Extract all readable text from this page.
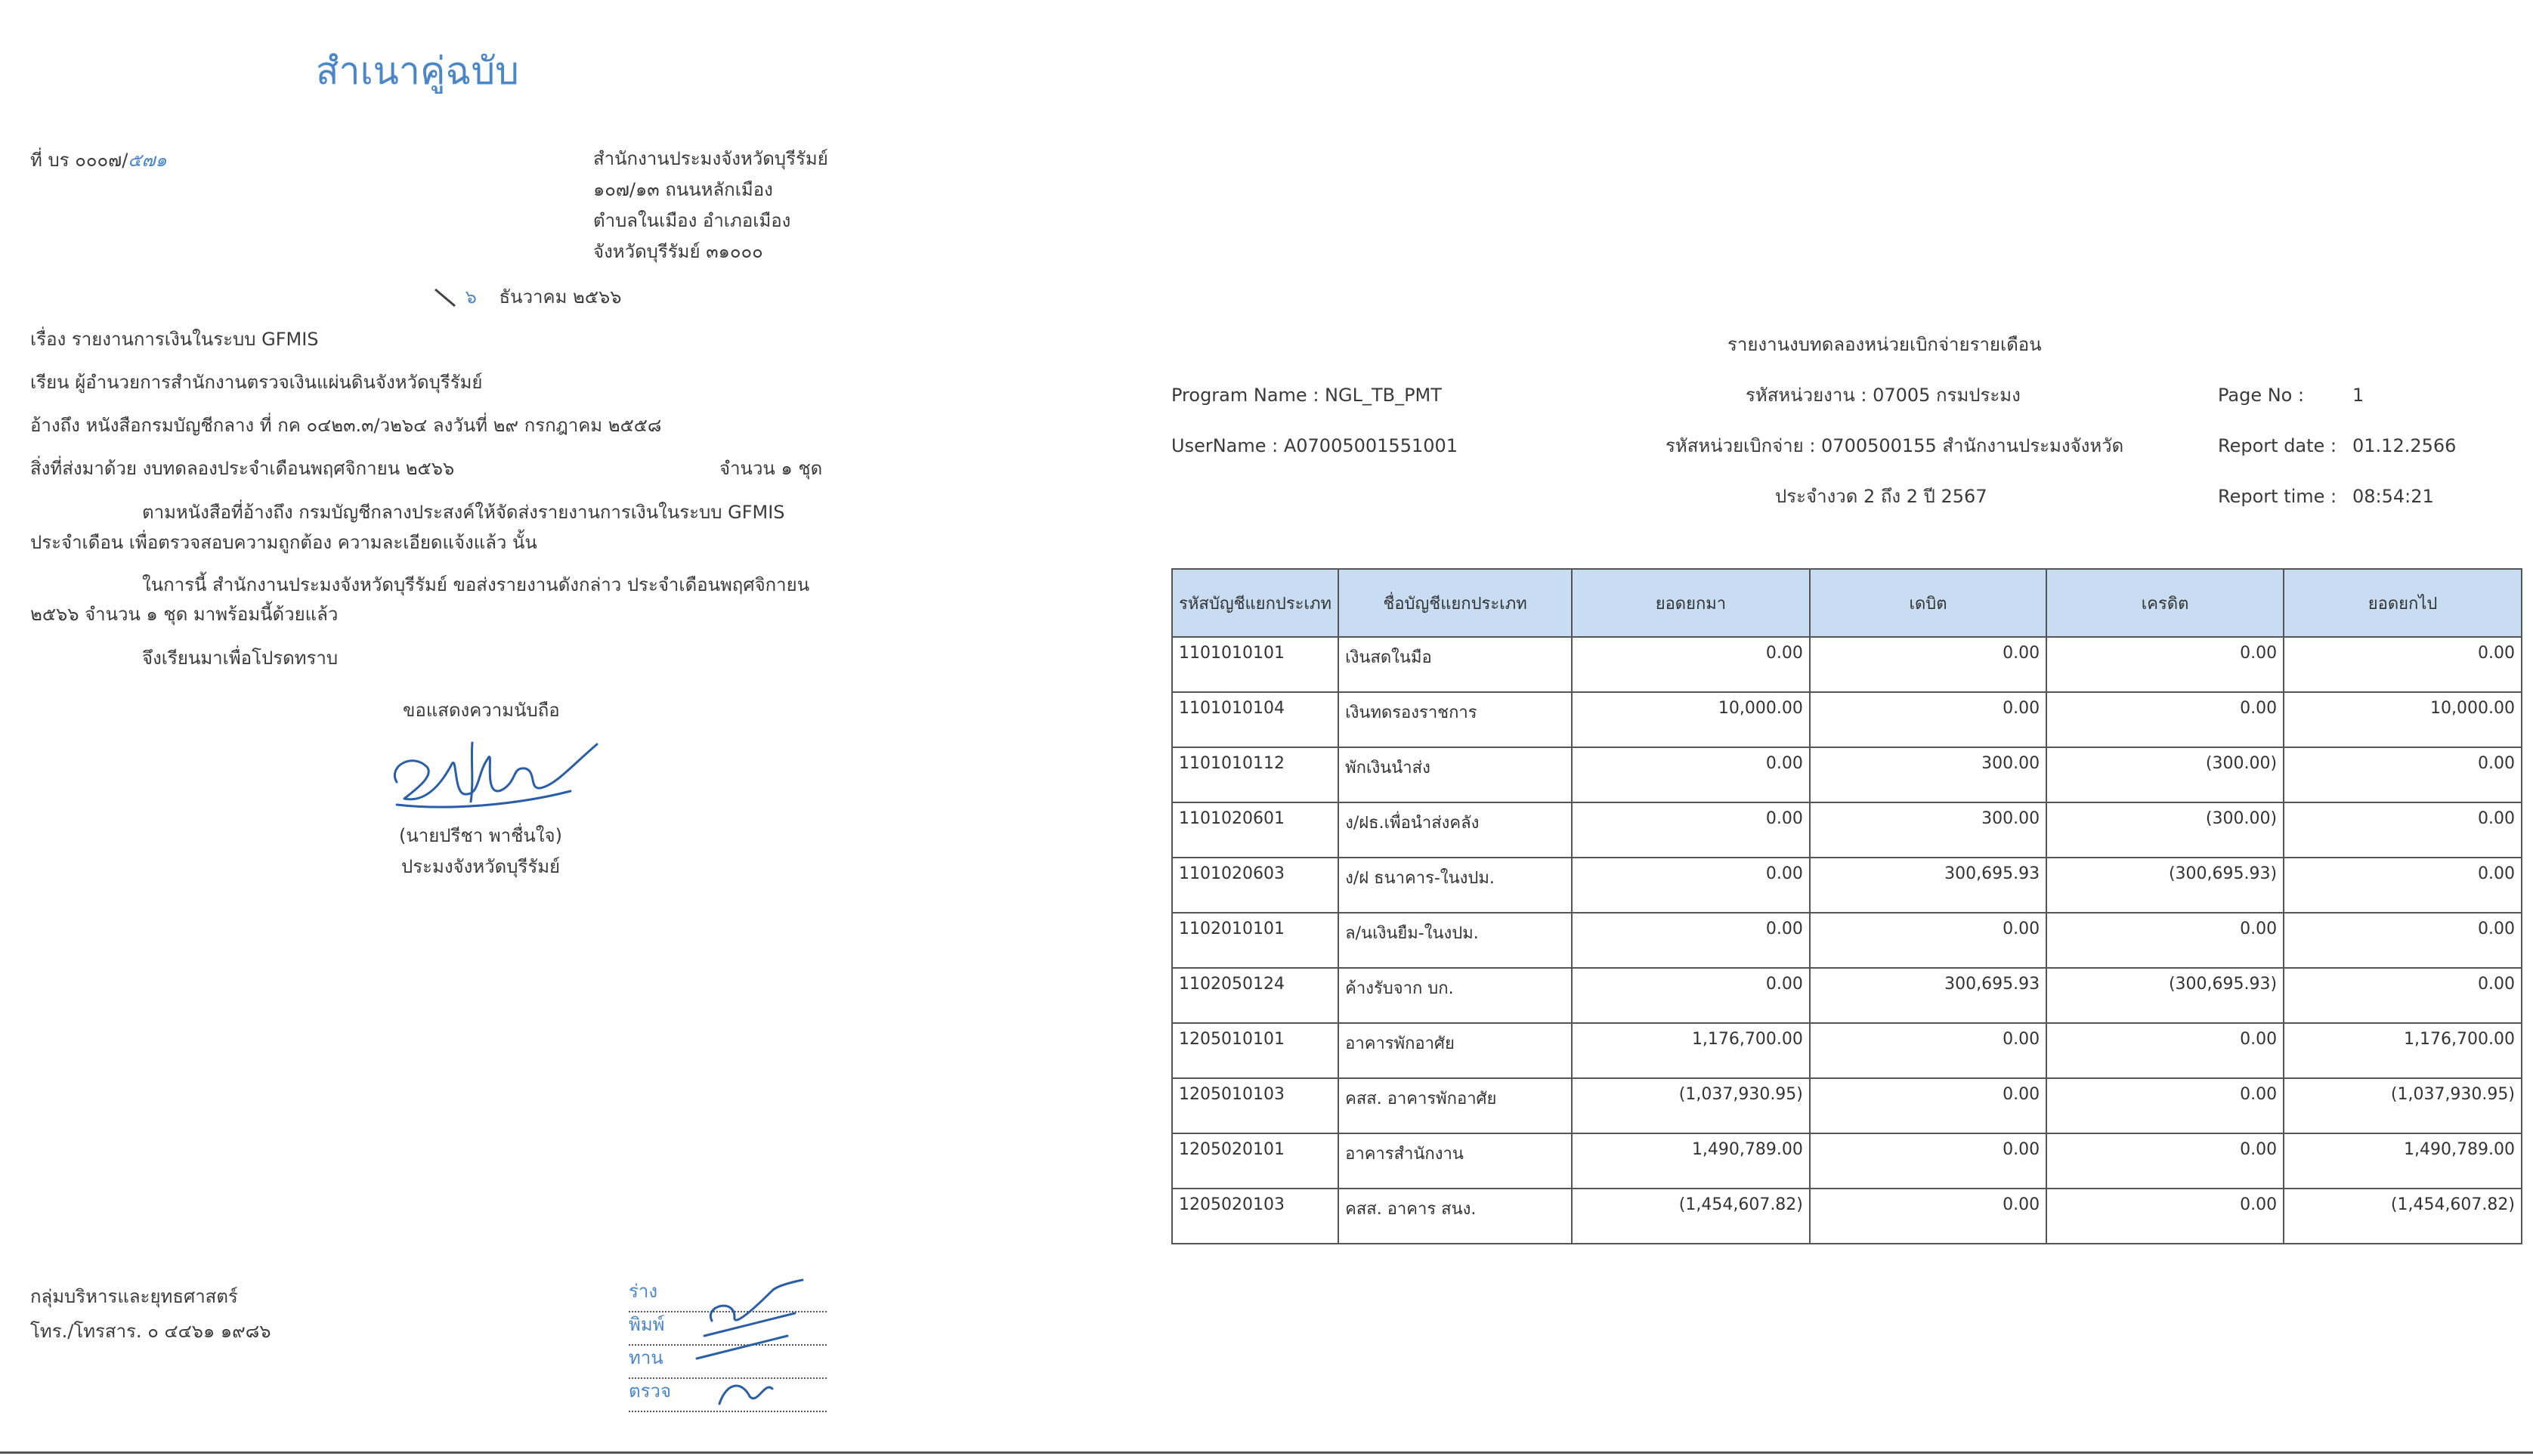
สำเนาคู่ฉบับ
ที่ บร ๐๐๐๗/๕๗๑	สำนักงานประมงจังหวัดบุรีรัมย์
๑๐๗/๑๓ ถนนหลักเมือง
ตำบลในเมือง อำเภอเมือง
จังหวัดบุรีรัมย์ ๓๑๐๐๐
๖ ธันวาคม ๒๕๖๖
เรื่อง รายงานการเงินในระบบ GFMIS
เรียน ผู้อำนวยการสำนักงานตรวจเงินแผ่นดินจังหวัดบุรีรัมย์
อ้างถึง หนังสือกรมบัญชีกลาง ที่ กค ๐๔๒๓.๓/ว๒๖๔ ลงวันที่ ๒๙ กรกฎาคม ๒๕๕๘
สิ่งที่ส่งมาด้วย งบทดลองประจำเดือนพฤศจิกายน ๒๕๖๖	จำนวน ๑ ชุด
ตามหนังสือที่อ้างถึง กรมบัญชีกลางประสงค์ให้จัดส่งรายงานการเงินในระบบ GFMIS
ประจำเดือน เพื่อตรวจสอบความถูกต้อง ความละเอียดแจ้งแล้ว นั้น
ในการนี้ สำนักงานประมงจังหวัดบุรีรัมย์ ขอส่งรายงานดังกล่าว ประจำเดือนพฤศจิกายน
๒๕๖๖ จำนวน ๑ ชุด มาพร้อมนี้ด้วยแล้ว
จึงเรียนมาเพื่อโปรดทราบ
ขอแสดงความนับถือ
(นายปรีชา พาชื่นใจ)
ประมงจังหวัดบุรีรัมย์
กลุ่มบริหารและยุทธศาสตร์
โทร./โทรสาร. ๐ ๔๔๖๑ ๑๙๘๖
ร่าง
พิมพ์
ทาน
ตรวจ
รายงานงบทดลองหน่วยเบิกจ่ายรายเดือน
Program Name : NGL_TB_PMT	รหัสหน่วยงาน : 07005 กรมประมง	Page No :	1
UserName : A07005001551001	รหัสหน่วยเบิกจ่าย : 0700500155 สำนักงานประมงจังหวัด	Report date : 01.12.2566
ประจำงวด 2 ถึง 2 ปี 2567	Report time : 08:54:21
รหัสบัญชีแยกประเภท	ชื่อบัญชีแยกประเภท	ยอดยกมา	เดบิต	เครดิต	ยอดยกไป
1101010101	เงินสดในมือ	0.00	0.00	0.00	0.00
1101010104	เงินทดรองราชการ	10,000.00	0.00	0.00	10,000.00
1101010112	พักเงินนำส่ง	0.00	300.00	(300.00)	0.00
1101020601	ง/ฝธ.เพื่อนำส่งคลัง	0.00	300.00	(300.00)	0.00
1101020603	ง/ฝ ธนาคาร-ในงปม.	0.00	300,695.93	(300,695.93)	0.00
1102010101	ล/นเงินยืม-ในงปม.	0.00	0.00	0.00	0.00
1102050124	ค้างรับจาก บก.	0.00	300,695.93	(300,695.93)	0.00
1205010101	อาคารพักอาศัย	1,176,700.00	0.00	0.00	1,176,700.00
1205010103	คสส. อาคารพักอาศัย	(1,037,930.95)	0.00	0.00	(1,037,930.95)
1205020101	อาคารสำนักงาน	1,490,789.00	0.00	0.00	1,490,789.00
1205020103	คสส. อาคาร สนง.	(1,454,607.82)	0.00	0.00	(1,454,607.82)
